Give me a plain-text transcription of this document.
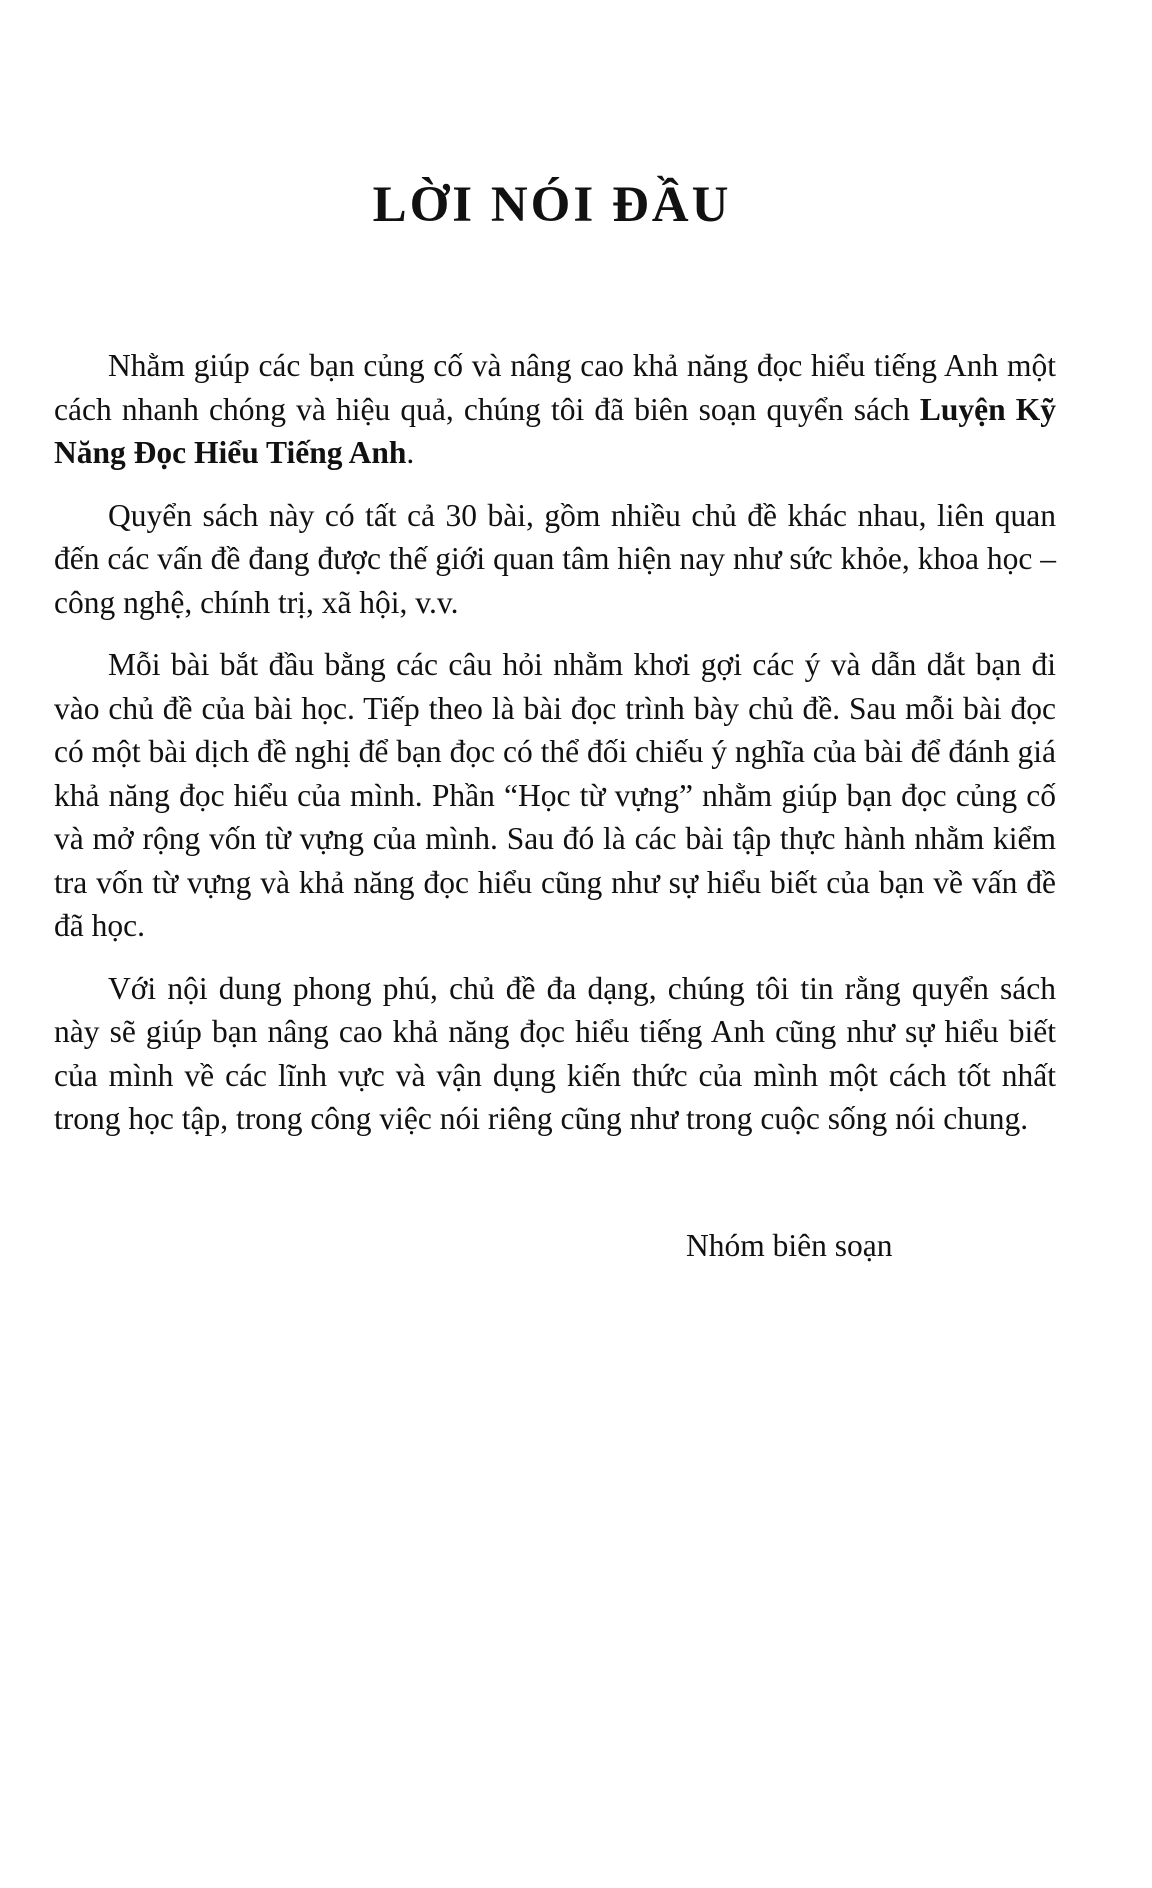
LỜI NÓI ĐẦU

Nhằm giúp các bạn củng cố và nâng cao khả năng đọc hiểu tiếng Anh một cách nhanh chóng và hiệu quả, chúng tôi đã biên soạn quyển sách Luyện Kỹ Năng Đọc Hiểu Tiếng Anh.

Quyển sách này có tất cả 30 bài, gồm nhiều chủ đề khác nhau, liên quan đến các vấn đề đang được thế giới quan tâm hiện nay như sức khỏe, khoa học – công nghệ, chính trị, xã hội, v.v.

Mỗi bài bắt đầu bằng các câu hỏi nhằm khơi gợi các ý và dẫn dắt bạn đi vào chủ đề của bài học. Tiếp theo là bài đọc trình bày chủ đề. Sau mỗi bài đọc có một bài dịch đề nghị để bạn đọc có thể đối chiếu ý nghĩa của bài để đánh giá khả năng đọc hiểu của mình. Phần “Học từ vựng” nhằm giúp bạn đọc củng cố và mở rộng vốn từ vựng của mình. Sau đó là các bài tập thực hành nhằm kiểm tra vốn từ vựng và khả năng đọc hiểu cũng như sự hiểu biết của bạn về vấn đề đã học.

Với nội dung phong phú, chủ đề đa dạng, chúng tôi tin rằng quyển sách này sẽ giúp bạn nâng cao khả năng đọc hiểu tiếng Anh cũng như sự hiểu biết của mình về các lĩnh vực và vận dụng kiến thức của mình một cách tốt nhất trong học tập, trong công việc nói riêng cũng như trong cuộc sống nói chung.

Nhóm biên soạn
